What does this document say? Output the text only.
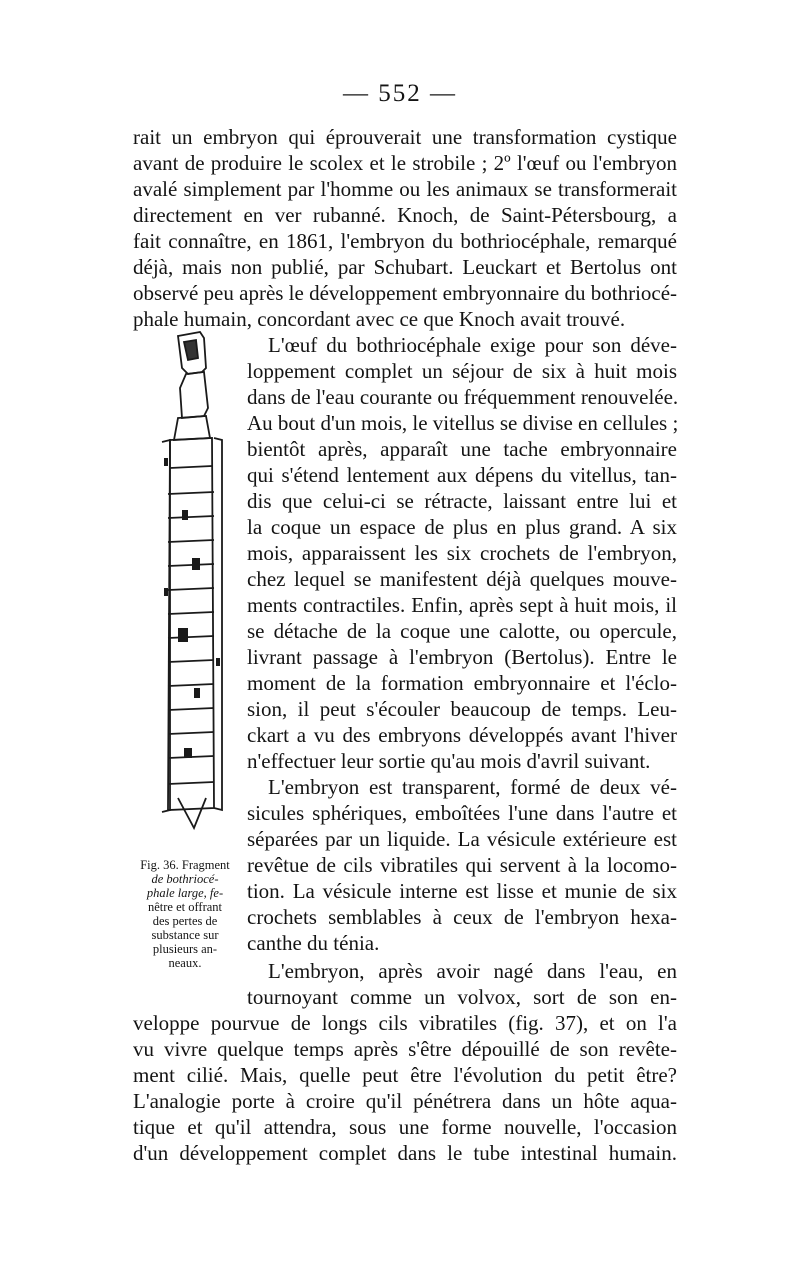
— 552 —
rait un embryon qui éprouverait une transformation cystique
avant de produire le scolex et le strobile ; 2º l'œuf ou l'embryon
avalé simplement par l'homme ou les animaux se transformerait
directement en ver rubanné. Knoch, de Saint-Pétersbourg, a
fait connaître, en 1861, l'embryon du bothriocéphale, remarqué
déjà, mais non publié, par Schubart. Leuckart et Bertolus ont
observé peu après le développement embryonnaire du bothriocé-
phale humain, concordant avec ce que Knoch avait trouvé.
L'œuf du bothriocéphale exige pour son déve-
loppement complet un séjour de six à huit mois
dans de l'eau courante ou fréquemment renouvelée.
Au bout d'un mois, le vitellus se divise en cellules ;
bientôt après, apparaît une tache embryonnaire
qui s'étend lentement aux dépens du vitellus, tan-
dis que celui-ci se rétracte, laissant entre lui et
la coque un espace de plus en plus grand. A six
mois, apparaissent les six crochets de l'embryon,
chez lequel se manifestent déjà quelques mouve-
ments contractiles. Enfin, après sept à huit mois, il
se détache de la coque une calotte, ou opercule,
livrant passage à l'embryon (Bertolus). Entre le
moment de la formation embryonnaire et l'éclo-
sion, il peut s'écouler beaucoup de temps. Leu-
ckart a vu des embryons développés avant l'hiver
n'effectuer leur sortie qu'au mois d'avril suivant.
L'embryon est transparent, formé de deux vé-
sicules sphériques, emboîtées l'une dans l'autre et
séparées par un liquide. La vésicule extérieure est
revêtue de cils vibratiles qui servent à la locomo-
tion. La vésicule interne est lisse et munie de six
crochets semblables à ceux de l'embryon hexa-
canthe du ténia.
L'embryon, après avoir nagé dans l'eau, en
tournoyant comme un volvox, sort de son en-
Fig. 36. Fragment
de bothriocé-
phale large, fe-
nêtre et offrant
des pertes de
substance sur
plusieurs an-
neaux.
veloppe pourvue de longs cils vibratiles (fig. 37), et on l'a
vu vivre quelque temps après s'être dépouillé de son revête-
ment cilié. Mais, quelle peut être l'évolution du petit être?
L'analogie porte à croire qu'il pénétrera dans un hôte aqua-
tique et qu'il attendra, sous une forme nouvelle, l'occasion
d'un développement complet dans le tube intestinal humain.
